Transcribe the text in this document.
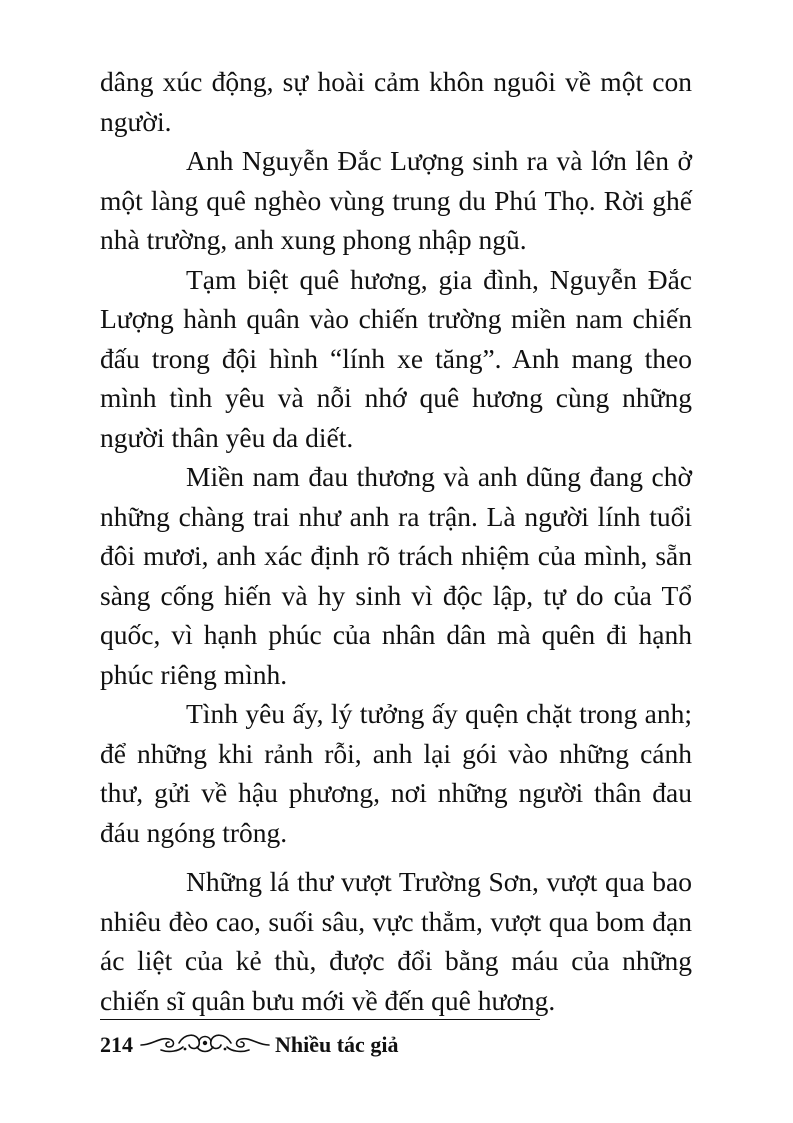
dâng xúc động, sự hoài cảm khôn nguôi về một con người.

Anh Nguyễn Đắc Lượng sinh ra và lớn lên ở một làng quê nghèo vùng trung du Phú Thọ. Rời ghế nhà trường, anh xung phong nhập ngũ.

Tạm biệt quê hương, gia đình, Nguyễn Đắc Lượng hành quân vào chiến trường miền nam chiến đấu trong đội hình “lính xe tăng”. Anh mang theo mình tình yêu và nỗi nhớ quê hương cùng những người thân yêu da diết.

Miền nam đau thương và anh dũng đang chờ những chàng trai như anh ra trận. Là người lính tuổi đôi mươi, anh xác định rõ trách nhiệm của mình, sẵn sàng cống hiến và hy sinh vì độc lập, tự do của Tổ quốc, vì hạnh phúc của nhân dân mà quên đi hạnh phúc riêng mình.

Tình yêu ấy, lý tưởng ấy quện chặt trong anh; để những khi rảnh rỗi, anh lại gói vào những cánh thư, gửi về hậu phương, nơi những người thân đau đáu ngóng trông.

Những lá thư vượt Trường Sơn, vượt qua bao nhiêu đèo cao, suối sâu, vực thẳm, vượt qua bom đạn ác liệt của kẻ thù, được đổi bằng máu của những chiến sĩ quân bưu mới về đến quê hương.

214	Nhiều tác giả
